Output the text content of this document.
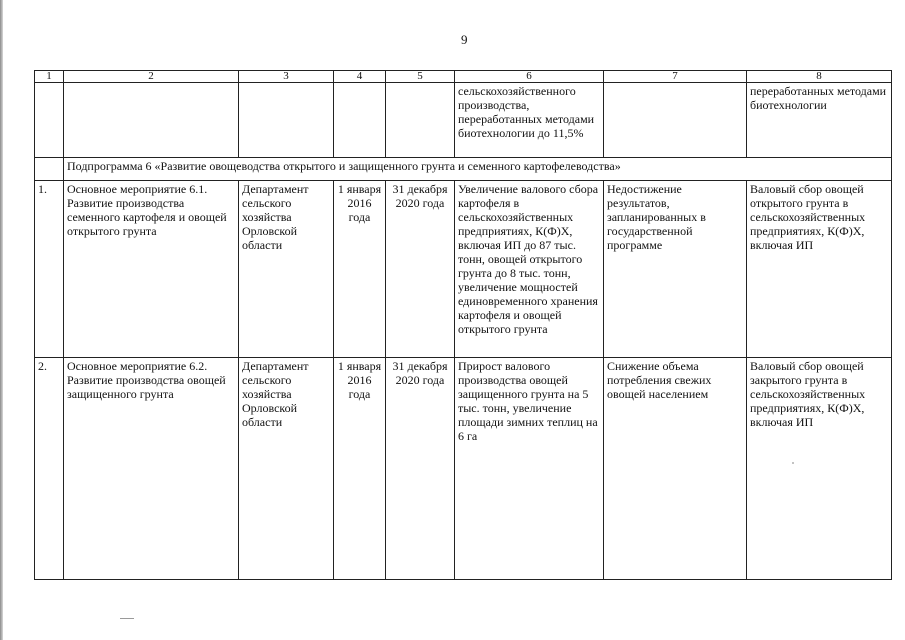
9
1	2	3	4	5	6	7	8
					сельскохозяйственного производства, переработанных методами биотехнологии до 11,5%		переработанных методами биотехнологии
	Подпрограмма 6 «Развитие овощеводства открытого и защищенного грунта и семенного картофелеводства»						
1.	Основное мероприятие 6.1. Развитие производства семенного картофеля и овощей открытого грунта	Департамент сельского хозяйства Орловской области	1 января 2016 года	31 декабря 2020 года	Увеличение валового сбора картофеля в сельскохозяйственных предприятиях, К(Ф)Х, включая ИП до 87 тыс. тонн, овощей открытого грунта до 8 тыс. тонн, увеличение мощностей единовременного хранения картофеля и овощей открытого грунта	Недостижение результатов, запланированных в государственной программе	Валовый сбор овощей открытого грунта в сельскохозяйственных предприятиях, К(Ф)Х, включая ИП
2.	Основное мероприятие 6.2. Развитие производства овощей защищенного грунта	Департамент сельского хозяйства Орловской области	1 января 2016 года	31 декабря 2020 года	Прирост валового производства овощей защищенного грунта на 5 тыс. тонн, увеличение площади зимних теплиц на 6 га	Снижение объема потребления свежих овощей населением	Валовый сбор овощей закрытого грунта в сельскохозяйственных предприятиях, К(Ф)Х, включая ИП
